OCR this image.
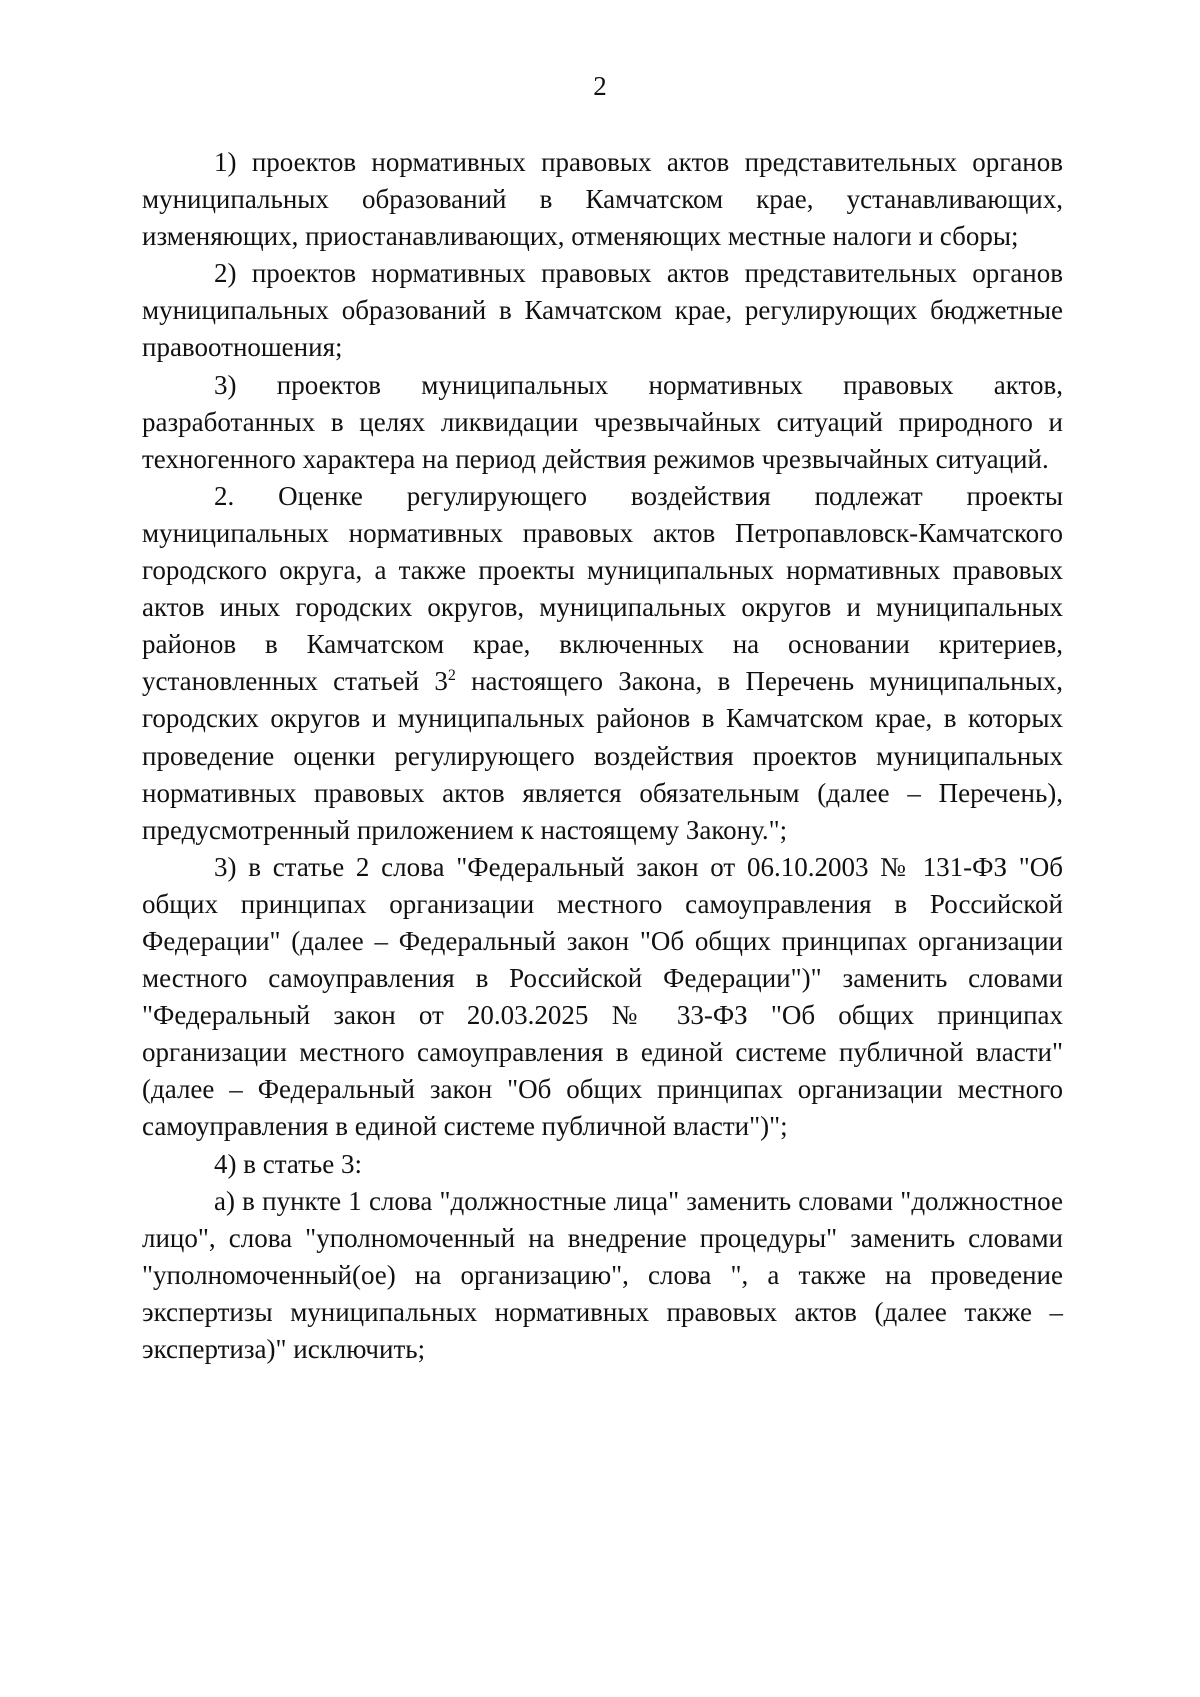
2

1) проектов нормативных правовых актов представительных органов муниципальных образований в Камчатском крае, устанавливающих, изменяющих, приостанавливающих, отменяющих местные налоги и сборы;

2) проектов нормативных правовых актов представительных органов муниципальных образований в Камчатском крае, регулирующих бюджетные правоотношения;

3) проектов муниципальных нормативных правовых актов, разработанных в целях ликвидации чрезвычайных ситуаций природного и техногенного характера на период действия режимов чрезвычайных ситуаций.

2. Оценке регулирующего воздействия подлежат проекты муниципальных нормативных правовых актов Петропавловск-Камчатского городского округа, а также проекты муниципальных нормативных правовых актов иных городских округов, муниципальных округов и муниципальных районов в Камчатском крае, включенных на основании критериев, установленных статьей $3^2$ настоящего Закона, в Перечень муниципальных, городских округов и муниципальных районов в Камчатском крае, в которых проведение оценки регулирующего воздействия проектов муниципальных нормативных правовых актов является обязательным (далее – Перечень), предусмотренный приложением к настоящему Закону.";

3) в статье 2 слова "Федеральный закон от 06.10.2003 № 131-ФЗ "Об общих принципах организации местного самоуправления в Российской Федерации" (далее – Федеральный закон "Об общих принципах организации местного самоуправления в Российской Федерации")" заменить словами "Федеральный закон от 20.03.2025 № 33-ФЗ "Об общих принципах организации местного самоуправления в единой системе публичной власти" (далее – Федеральный закон "Об общих принципах организации местного самоуправления в единой системе публичной власти")";

4) в статье 3:

а) в пункте 1 слова "должностные лица" заменить словами "должностное лицо", слова "уполномоченный на внедрение процедуры" заменить словами "уполномоченный(ое) на организацию", слова ", а также на проведение экспертизы муниципальных нормативных правовых актов (далее также – экспертиза)" исключить;
